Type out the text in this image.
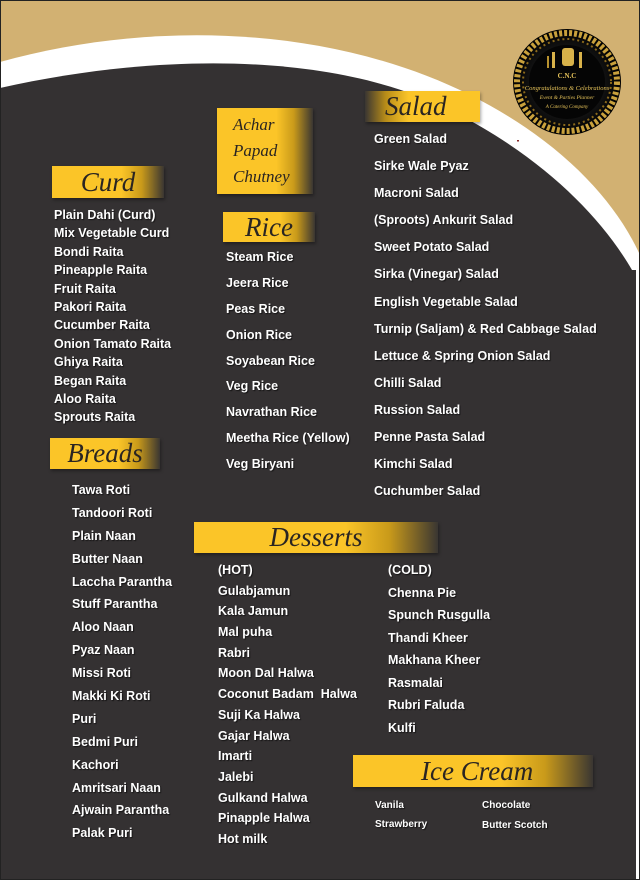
C.N.C
Congratulations & Celebrations
Event & Parties Planner
A Catering Company
Achar
Papad
Chutney
Curd
Plain Dahi (Curd)
Mix Vegetable Curd
Bondi Raita
Pineapple Raita
Fruit Raita
Pakori Raita
Cucumber Raita
Onion Tamato Raita
Ghiya Raita
Began Raita
Aloo Raita
Sprouts Raita
Rice
Steam Rice
Jeera Rice
Peas Rice
Onion Rice
Soyabean Rice
Veg Rice
Navrathan Rice
Meetha Rice (Yellow)
Veg Biryani
Salad
Green Salad
Sirke Wale Pyaz
Macroni Salad
(Sproots) Ankurit Salad
Sweet Potato Salad
Sirka (Vinegar) Salad
English Vegetable Salad
Turnip (Saljam) & Red Cabbage Salad
Lettuce & Spring Onion Salad
Chilli Salad
Russion Salad
Penne Pasta Salad
Kimchi Salad
Cuchumber Salad
Breads
Tawa Roti
Tandoori Roti
Plain Naan
Butter Naan
Laccha Parantha
Stuff Parantha
Aloo Naan
Pyaz Naan
Missi Roti
Makki Ki Roti
Puri
Bedmi Puri
Kachori
Amritsari Naan
Ajwain Parantha
Palak Puri
Desserts
(HOT)
Gulabjamun
Kala Jamun
Mal puha
Rabri
Moon Dal Halwa
Coconut Badam  Halwa
Suji Ka Halwa
Gajar Halwa
Imarti
Jalebi
Gulkand Halwa
Pinapple Halwa
Hot milk
(COLD)
Chenna Pie
Spunch Rusgulla
Thandi Kheer
Makhana Kheer
Rasmalai
Rubri Faluda
Kulfi
Ice Cream
Vanila	Chocolate
Strawberry	Butter Scotch
